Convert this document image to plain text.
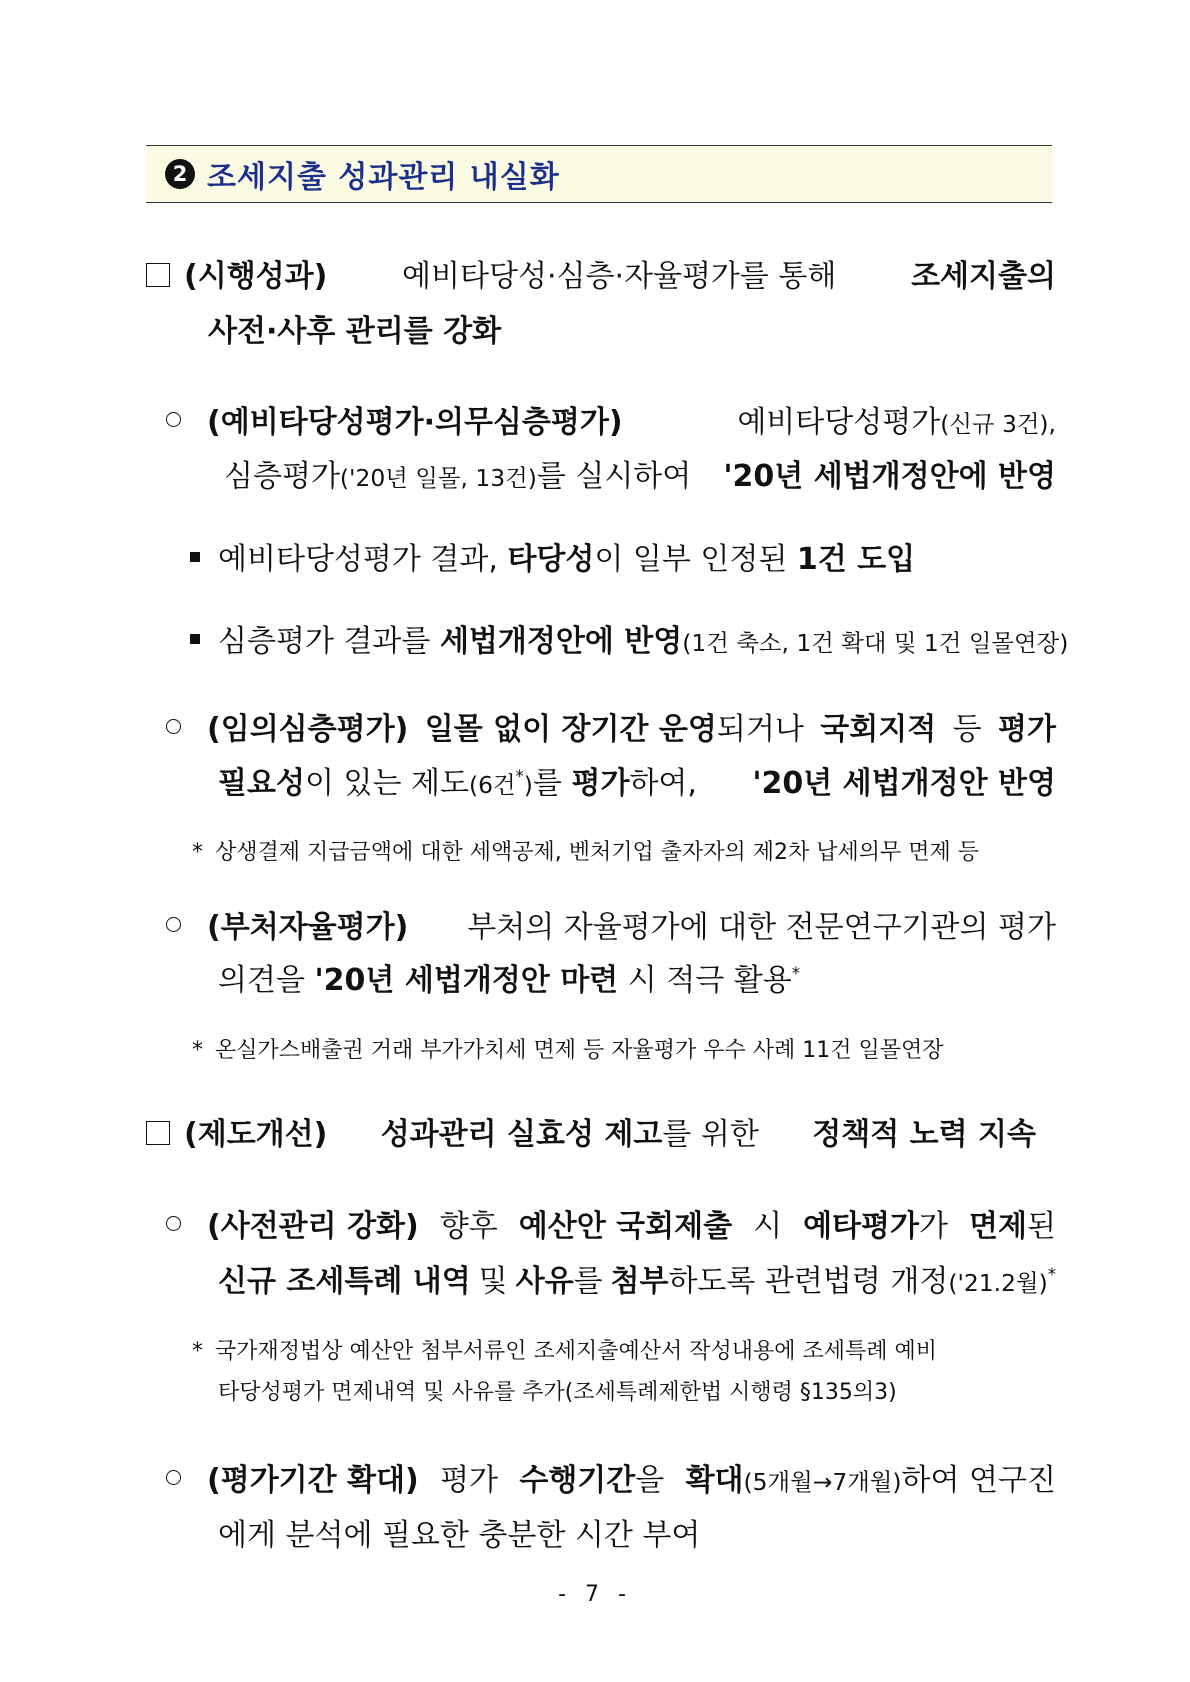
2 조세지출 성과관리 내실화
(시행성과) 예비타당성·심층·자율평가를 통해 조세지출의
사전·사후 관리를 강화
(예비타당성평가·의무심층평가)	예비타당성평가(신규 3건),
심층평가('20년 일몰, 13건)를 실시하여 '20년 세법개정안에 반영
예비타당성평가 결과, 타당성이 일부 인정된 1건 도입
심층평가 결과를 세법개정안에 반영(1건 축소, 1건 확대 및 1건 일몰연장)
(임의심층평가) 일몰 없이 장기간 운영되거나 국회지적 등 평가
필요성이 있는 제도(6건*)를 평가하여, '20년 세법개정안 반영
* 상생결제 지급금액에 대한 세액공제, 벤처기업 출자자의 제2차 납세의무 면제 등
(부처자율평가) 부처의 자율평가에 대한 전문연구기관의 평가
의견을 '20년 세법개정안 마련 시 적극 활용*
* 온실가스배출권 거래 부가가치세 면제 등 자율평가 우수 사례 11건 일몰연장
(제도개선) 성과관리 실효성 제고를 위한 정책적 노력 지속
(사전관리 강화) 향후 예산안 국회제출 시 예타평가가 면제된
신규 조세특례 내역 및 사유를 첨부하도록 관련법령 개정('21.2월)*
* 국가재정법상 예산안 첨부서류인 조세지출예산서 작성내용에 조세특례 예비
타당성평가 면제내역 및 사유를 추가(조세특례제한법 시행령 §135의3)
(평가기간 확대) 평가 수행기간을 확대(5개월→7개월)하여 연구진
에게 분석에 필요한 충분한 시간 부여
- 7 -
